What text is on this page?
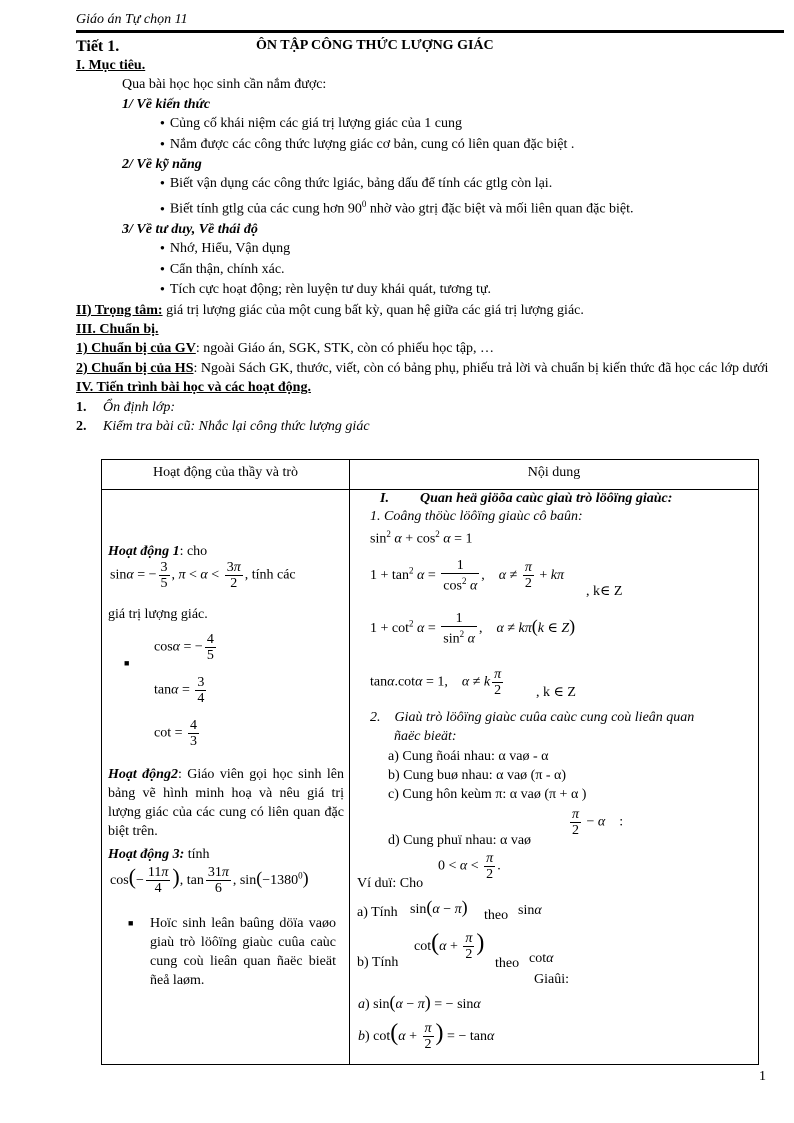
Giáo án Tự chọn 11
Tiết 1.	ÔN TẬP CÔNG THỨC LƯỢNG GIÁC
I. Mục tiêu.
Qua bài học học sinh cần nắm được:
1/ Về kiến thức
● Củng cố khái niệm các giá trị lượng giác của 1 cung
● Nắm được các công thức lượng giác cơ bản, cung có liên quan đặc biệt .
2/ Về kỹ năng
● Biết vận dụng các công thức lgiác, bảng dấu để tính các gtlg còn lại.
● Biết tính gtlg của các cung hơn $90^0$ nhờ vào gtrị đặc biệt và mối liên quan đặc biệt.
3/ Về tư duy, Về thái độ
● Nhớ, Hiểu, Vận dụng
● Cẩn thận, chính xác.
● Tích cực hoạt động; rèn luyện tư duy khái quát, tương tự.
II) Trọng tâm: giá trị lượng giác của một cung bất kỳ, quan hệ giữa các giá trị lượng giác.
III. Chuẩn bị.
1) Chuẩn bị của GV: ngoài Giáo án, SGK, STK, còn có phiếu học tập, …
2) Chuẩn bị của HS: Ngoài Sách GK, thước, viết, còn có bảng phụ, phiếu trả lời và chuẩn bị kiến thức đã học các lớp dưới
IV. Tiến trình bài học và các hoạt động.
1.	Ổn định lớp:
2.	Kiểm tra bài cũ: Nhắc lại công thức lượng giác
Hoạt động của thầy và trò	Nội dung
Hoạt động 1: cho
sinα = − $\frac{3}{5}$ , $\pi < \alpha < \frac{3\pi}{2}$ , tính các
giá trị lượng giác.
■
cosα = − $\frac{4}{5}$
$\tan\alpha = \frac{3}{4}$
$\cot = \frac{4}{3}$
Hoạt động2: Giáo viên gọi học sinh lên bảng vẽ hình minh hoạ và nêu giá trị lượng giác của các cung có liên quan đặc biệt trên.
Hoạt động 3: tính
$\cos(- \frac{11\pi}{4}$ ), $\tan \frac{31\pi}{6}$ , $\sin(-1380^0)$
■ Hoïc sinh leân baûng döïa vaøo giaù trò löôïng giaùc cuûa caùc cung coù lieân quan ñaëc bieät ñeå laøm.
I. Quan heä giöõa caùc giaù trò löôïng giaùc:
1. Coâng thöùc löôïng giaùc cô baûn:
$\sin^2 \alpha + \cos^2 \alpha = 1$
$1 + \tan^2 \alpha = \frac{1}{\cos^2 \alpha}$ ,    $\alpha \ne \frac{\pi}{2} + k\pi$
, k∈ Z
$1 + \cot^2 \alpha = \frac{1}{\sin^2 \alpha}$ ,    α ≠ kπ(k ∈ Z)
tanα.cotα = 1,    α ≠ k $\frac{\pi}{2}$ , k ∈ Z
2.    Giaù trò löôïng giaùc cuûa caùc cung coù lieân quan
ñaëc bieät:
a) Cung ñoái nhau: α vaø - α
b) Cung buø nhau: α vaø (π - α)
c) Cung hôn keùm π: α vaø (π + α )
d) Cung phuï nhau: α vaø
$\frac{\pi}{2} - \alpha$    :
$0 < \alpha < \frac{\pi}{2}$ .
Ví duï: Cho
a) Tính sin(α − π) theo sinα
b) Tính
$\cot(\alpha + \frac{\pi}{2}$ )
theo cotα
Giaûi:
a) sin(α − π) = − sinα
b) $\cot(\alpha + \frac{\pi}{2}$ ) = − tanα
1
